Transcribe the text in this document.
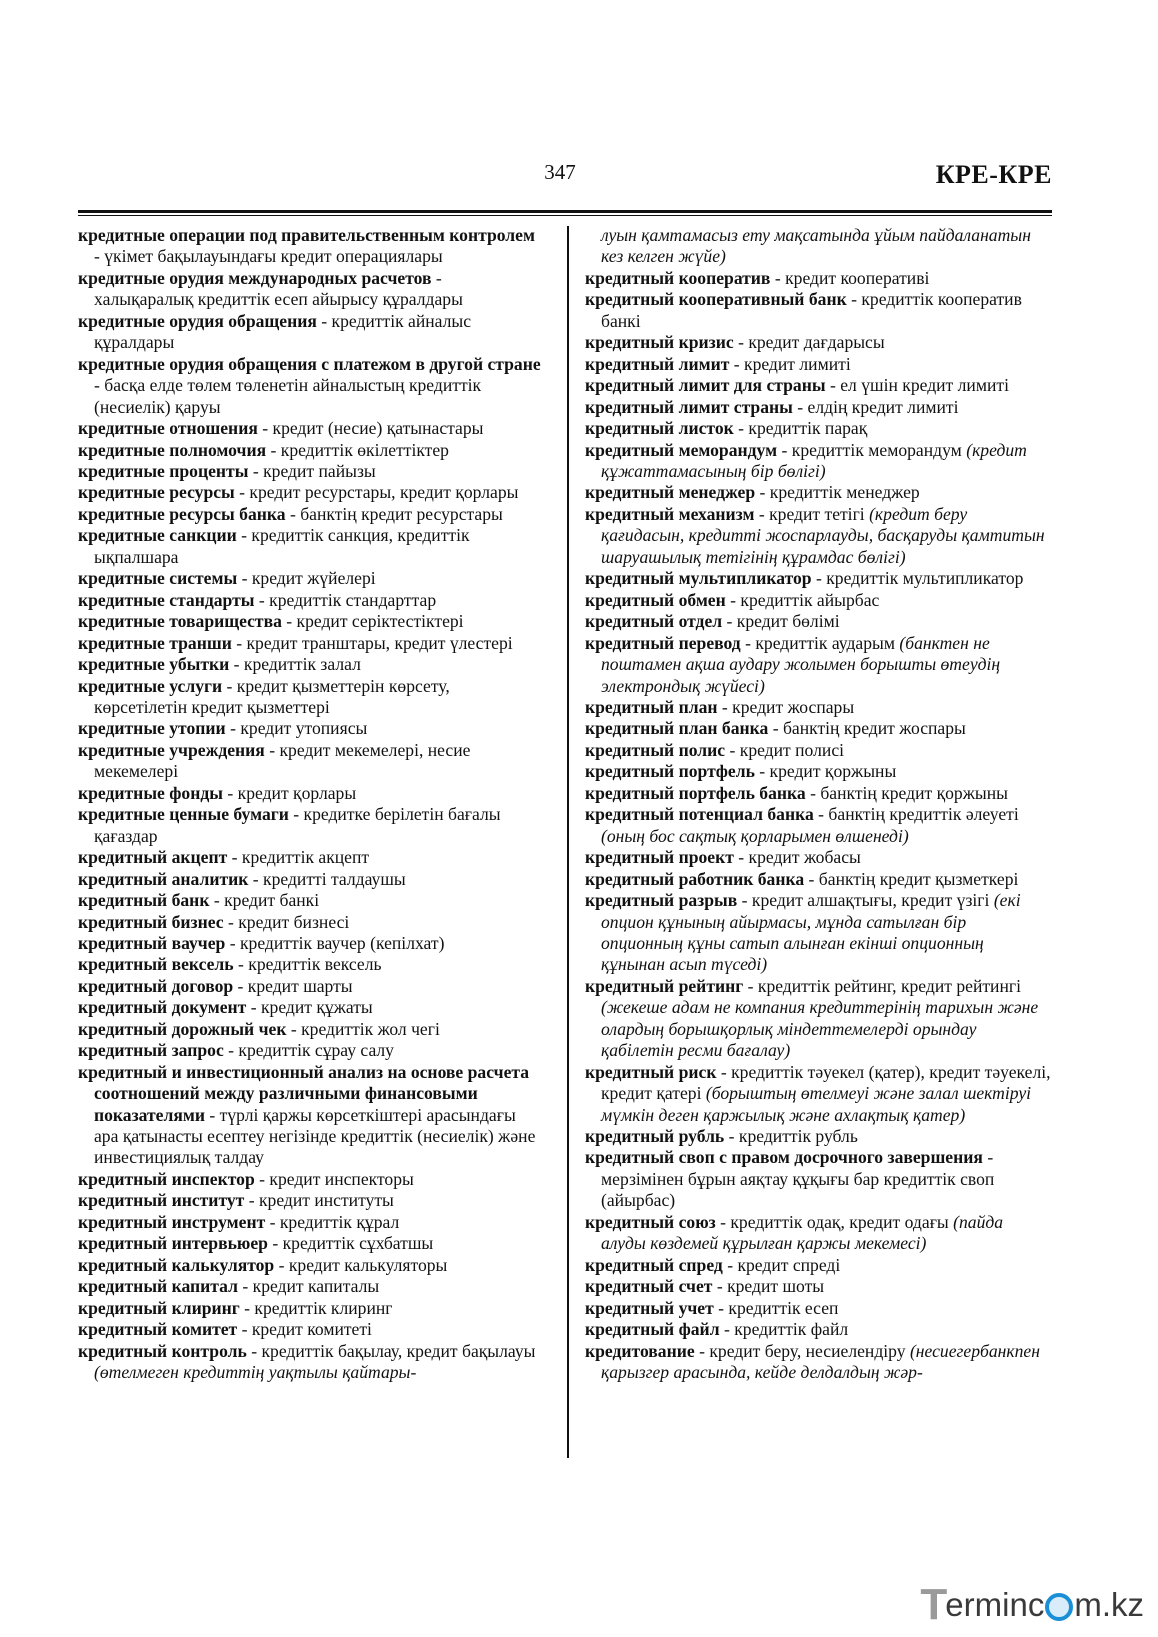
347	КРЕ-КРЕ

кредитные операции под правительственным контролем - үкімет бақылауындағы кредит операциялары

кредитные орудия международных расчетов - халықаралық кредиттік есеп айырысу құралдары

кредитные орудия обращения - кредиттік айналыс құралдары

кредитные орудия обращения с платежом в другой стране - басқа елде төлем төленетін айналыстың кредиттік (несиелік) қаруы

кредитные отношения - кредит (несие) қатынастары

кредитные полномочия - кредиттік өкілеттіктер

кредитные проценты - кредит пайызы

кредитные ресурсы - кредит ресурстары, кредит қорлары

кредитные ресурсы банка - банктің кредит ресурстары

кредитные санкции - кредиттік санкция, кредиттік ықпалшара

кредитные системы - кредит жүйелері

кредитные стандарты - кредиттік стандарттар

кредитные товарищества - кредит серіктестіктері

кредитные транши - кредит транштары, кредит үлестері

кредитные убытки - кредиттік залал

кредитные услуги - кредит қызметтерін көрсету, көрсетілетін кредит қызметтері

кредитные утопии - кредит утопиясы

кредитные учреждения - кредит мекемелері, несие мекемелері

кредитные фонды - кредит қорлары

кредитные ценные бумаги - кредитке берілетін бағалы қағаздар

кредитный акцепт - кредиттік акцепт

кредитный аналитик - кредитті талдаушы

кредитный банк - кредит банкі

кредитный бизнес - кредит бизнесі

кредитный ваучер - кредиттік ваучер (кепілхат)

кредитный вексель - кредиттік вексель

кредитный договор - кредит шарты

кредитный документ - кредит құжаты

кредитный дорожный чек - кредиттік жол чегі

кредитный запрос - кредиттік сұрау салу

кредитный и инвестиционный анализ на основе расчета соотношений между различными финансовыми показателями - түрлі қаржы көрсеткіштері арасындағы ара қатынасты есептеу негізінде кредиттік (несиелік) және инвестициялық талдау

кредитный инспектор - кредит инспекторы

кредитный институт - кредит институты

кредитный инструмент - кредиттік құрал

кредитный интервьюер - кредиттік сұхбатшы

кредитный калькулятор - кредит калькуляторы

кредитный капитал - кредит капиталы

кредитный клиринг - кредиттік клиринг

кредитный комитет - кредит комитеті

кредитный контроль - кредиттік бақылау, кредит бақылауы (өтелмеген кредиттің уақтылы қайтары-

луын қамтамасыз ету мақсатында ұйым пайдаланатын кез келген жүйе)

кредитный кооператив - кредит кооперативі

кредитный кооперативный банк - кредиттік кооператив банкі

кредитный кризис - кредит дағдарысы

кредитный лимит - кредит лимиті

кредитный лимит для страны - ел үшін кредит лимиті

кредитный лимит страны - елдің кредит лимиті

кредитный листок - кредиттік парақ

кредитный меморандум - кредиттік меморандум (кредит құжаттамасының бір бөлігі)

кредитный менеджер - кредиттік менеджер

кредитный механизм - кредит тетігі (кредит беру қағидасын, кредитті жоспарлауды, басқаруды қамтитын шаруашылық тетігінің құрамдас бөлігі)

кредитный мультипликатор - кредиттік мультипликатор

кредитный обмен - кредиттік айырбас

кредитный отдел - кредит бөлімі

кредитный перевод - кредиттік аударым (банктен не поштамен ақша аудару жолымен борышты өтеудің электрондық жүйесі)

кредитный план - кредит жоспары

кредитный план банка - банктің кредит жоспары

кредитный полис - кредит полисі

кредитный портфель - кредит қоржыны

кредитный портфель банка - банктің кредит қоржыны

кредитный потенциал банка - банктің кредиттік әлеуеті (оның бос сақтық қорларымен өлшенеді)

кредитный проект - кредит жобасы

кредитный работник банка - банктің кредит қызметкері

кредитный разрыв - кредит алшақтығы, кредит үзігі (екі опцион құнының айырмасы, мұнда сатылған бір опционның құны сатып алынған екінші опционның құнынан асып түседі)

кредитный рейтинг - кредиттік рейтинг, кредит рейтингі (жекеше адам не компания кредиттерінің тарихын және олардың борышқорлық міндеттемелерді орындау қабілетін ресми бағалау)

кредитный риск - кредиттік тәуекел (қатер), кредит тәуекелі, кредит қатері (борыштың өтелмеуі және залал шектіруі мүмкін деген қаржылық және ахлақтық қатер)

кредитный рубль - кредиттік рубль

кредитный своп с правом досрочного завершения - мерзімінен бұрын аяқтау құқығы бар кредиттік своп (айырбас)

кредитный союз - кредиттік одақ, кредит одағы (пайда алуды көздемей құрылған қаржы мекемесі)

кредитный спред - кредит спреді

кредитный счет - кредит шоты

кредитный учет - кредиттік есеп

кредитный файл - кредиттік файл

кредитование - кредит беру, несиелендіру (несиегербанкпен қарызгер арасында, кейде делдалдың жәр-

T
ermin c m.kz
